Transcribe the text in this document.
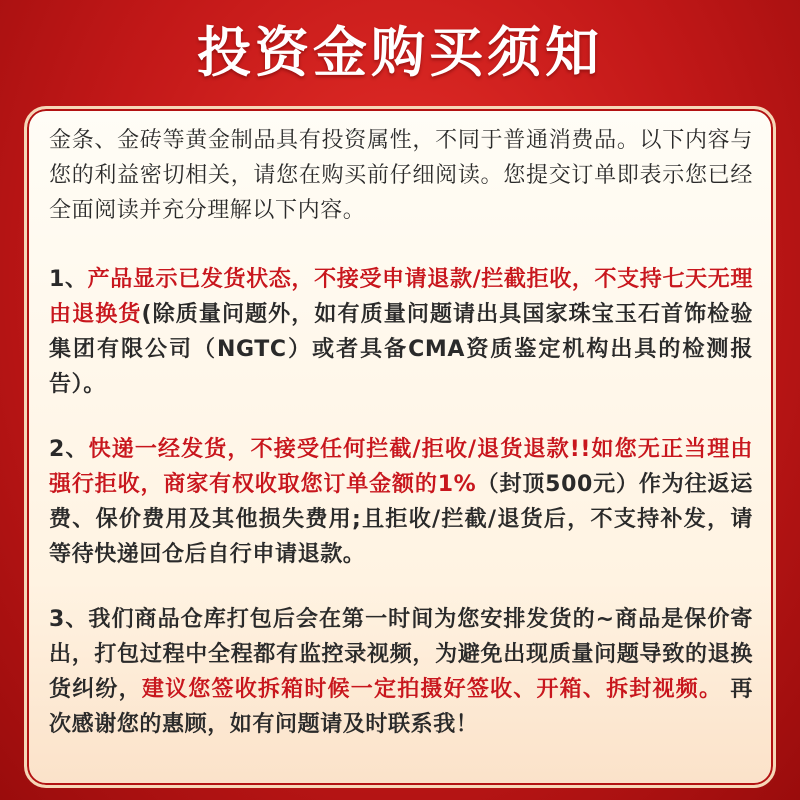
投资金购买须知

金条、金砖等黄金制品具有投资属性，不同于普通消费品。以下内容与您的利益密切相关，请您在购买前仔细阅读。您提交订单即表示您已经全面阅读并充分理解以下内容。

1、产品显示已发货状态，不接受申请退款/拦截拒收，不支持七天无理由退换货(除质量问题外，如有质量问题请出具国家珠宝玉石首饰检验集团有限公司（NGTC）或者具备CMA资质鉴定机构出具的检测报告）。

2、快递一经发货，不接受任何拦截/拒收/退货退款!!如您无正当理由强行拒收，商家有权收取您订单金额的1%（封顶500元）作为往返运费、保价费用及其他损失费用;且拒收/拦截/退货后，不支持补发，请等待快递回仓后自行申请退款。

3、我们商品仓库打包后会在第一时间为您安排发货的~商品是保价寄出，打包过程中全程都有监控录视频，为避免出现质量问题导致的退换货纠纷，建议您签收拆箱时候一定拍摄好签收、开箱、拆封视频。 再次感谢您的惠顾，如有问题请及时联系我！
